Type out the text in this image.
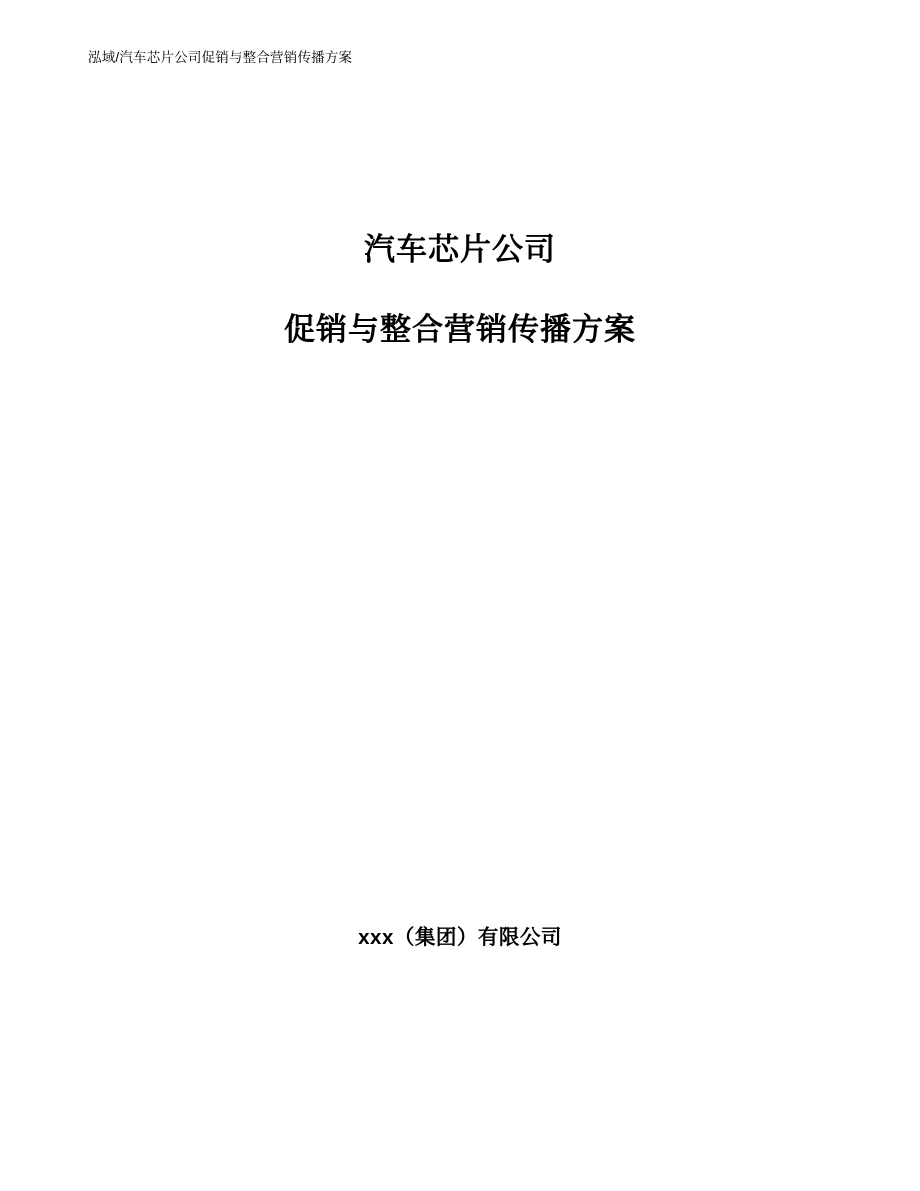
泓域/汽车芯片公司促销与整合营销传播方案
汽车芯片公司
促销与整合营销传播方案
xxx（集团）有限公司
